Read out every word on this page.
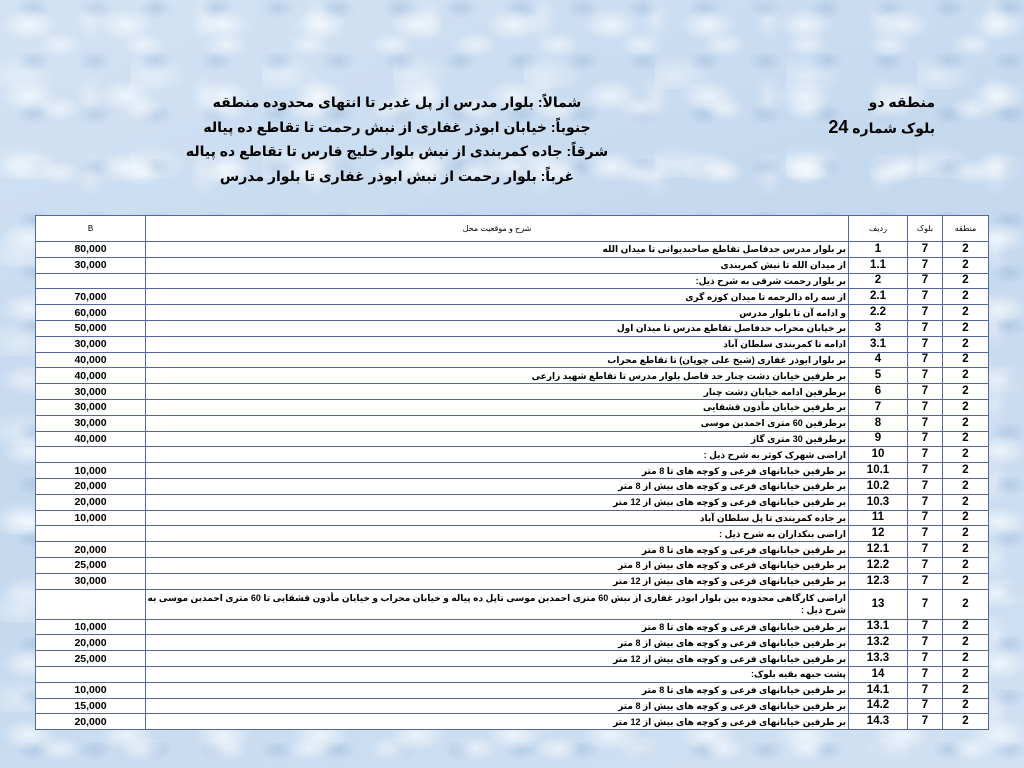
منطقه دو
بلوک شماره 24
شمالاً: بلوار مدرس از پل غدیر تا انتهای محدوده منطقه
جنوباً: خیابان ابوذر غفاری از نبش رحمت تا تقاطع ده پیاله
شرقاً: جاده کمربندی از نبش بلوار خلیج فارس تا تقاطع ده پیاله
غرباً: بلوار رحمت از نبش ابوذر غفاری تا بلوار مدرس
منطقه	بلوک	ردیف	شرح و موقعیت محل	B
2	7	1	بر بلوار مدرس حدفاصل تقاطع صاحبدیوانی تا میدان الله	80,000
2	7	1.1	از میدان الله تا نبش کمربندی	30,000
2	7	2	بر بلوار رحمت شرقی به شرح ذیل:	
2	7	2.1	از سه راه دالرحمه تا میدان کوزه گری	70,000
2	7	2.2	و ادامه آن تا بلوار مدرس	60,000
2	7	3	بر خیابان محراب حدفاصل تقاطع مدرس تا میدان اول	50,000
2	7	3.1	ادامه تا کمربندی سلطان آباد	30,000
2	7	4	بر بلوار ابوذر غفاری (شیخ علی چوپان) تا تقاطع محراب	40,000
2	7	5	بر طرفین خیابان دشت چنار حد فاصل بلوار مدرس تا تقاطع شهید زارعی	40,000
2	7	6	برطرفین ادامه خیابان دشت چنار	30,000
2	7	7	بر طرفین خیابان مأذون قشقایی	30,000
2	7	8	برطرفین 60 متری احمدبن موسی	30,000
2	7	9	برطرفین 30 متری گاز	40,000
2	7	10	اراضی شهرک کوثر به شرح ذیل :	
2	7	10.1	بر طرفین خیابانهای فرعی و کوچه های تا 8 متر	10,000
2	7	10.2	بر طرفین خیابانهای فرعی و کوچه های بیش از 8 متر	20,000
2	7	10.3	بر طرفین خیابانهای فرعی و کوچه های بیش از 12 متر	20,000
2	7	11	بر جاده کمربندی تا پل سلطان آباد	10,000
2	7	12	اراضی بنکداران به شرح ذیل :	
2	7	12.1	بر طرفین خیابانهای فرعی و کوچه های تا 8 متر	20,000
2	7	12.2	بر طرفین خیابانهای فرعی و کوچه های بیش از 8 متر	25,000
2	7	12.3	بر طرفین خیابانهای فرعی و کوچه های بیش از 12 متر	30,000
2	7	13	اراضی کارگاهی محدوده بین بلوار ابوذر غفاری از نبش 60 متری احمدبن موسی تاپل ده پیاله و خیابان محراب و خیابان مأذون قشقایی تا 60 متری احمدبن موسی به شرح ذیل :	
2	7	13.1	بر طرفین خیابانهای فرعی و کوچه های تا 8 متر	10,000
2	7	13.2	بر طرفین خیابانهای فرعی و کوچه های بیش از 8 متر	20,000
2	7	13.3	بر طرفین خیابانهای فرعی و کوچه های بیش از 12 متر	25,000
2	7	14	پشت جبهه بقیه بلوک:	
2	7	14.1	بر طرفین خیابانهای فرعی و کوچه های تا 8 متر	10,000
2	7	14.2	بر طرفین خیابانهای فرعی و کوچه های بیش از 8 متر	15,000
2	7	14.3	بر طرفین خیابانهای فرعی و کوچه های بیش از 12 متر	20,000
